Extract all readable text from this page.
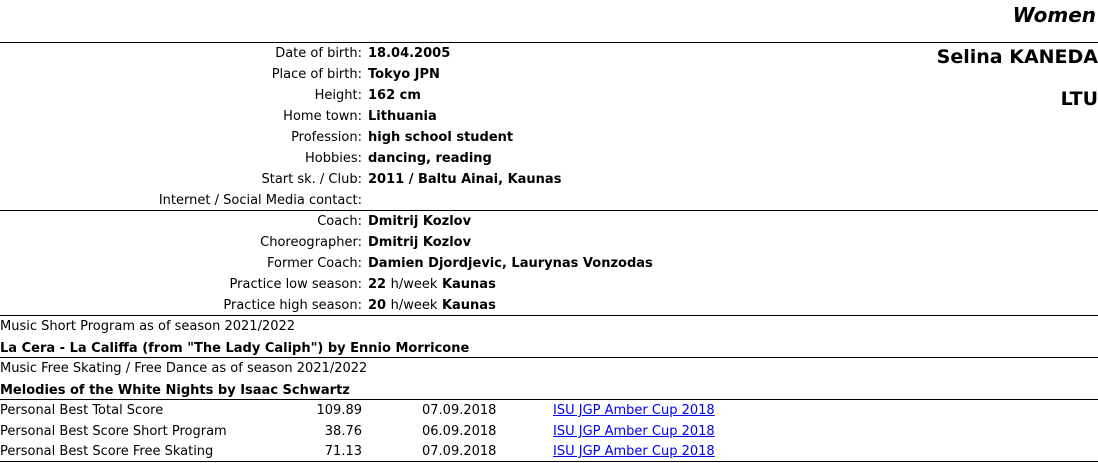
Women
Selina KANEDA
LTU
Date of birth: 18.04.2005
Place of birth: Tokyo JPN
Height: 162 cm
Home town: Lithuania
Profession: high school student
Hobbies: dancing, reading
Start sk. / Club: 2011 / Baltu Ainai, Kaunas
Internet / Social Media contact:
Coach: Dmitrij Kozlov
Choreographer: Dmitrij Kozlov
Former Coach: Damien Djordjevic, Laurynas Vonzodas
Practice low season: 22 h/week Kaunas
Practice high season: 20 h/week Kaunas
Music Short Program as of season 2021/2022
La Cera - La Califfa (from "The Lady Caliph") by Ennio Morricone
Music Free Skating / Free Dance as of season 2021/2022
Melodies of the White Nights by Isaac Schwartz
Personal Best Total Score	109.89	07.09.2018	ISU JGP Amber Cup 2018
Personal Best Score Short Program	38.76	06.09.2018	ISU JGP Amber Cup 2018
Personal Best Score Free Skating	71.13	07.09.2018	ISU JGP Amber Cup 2018
